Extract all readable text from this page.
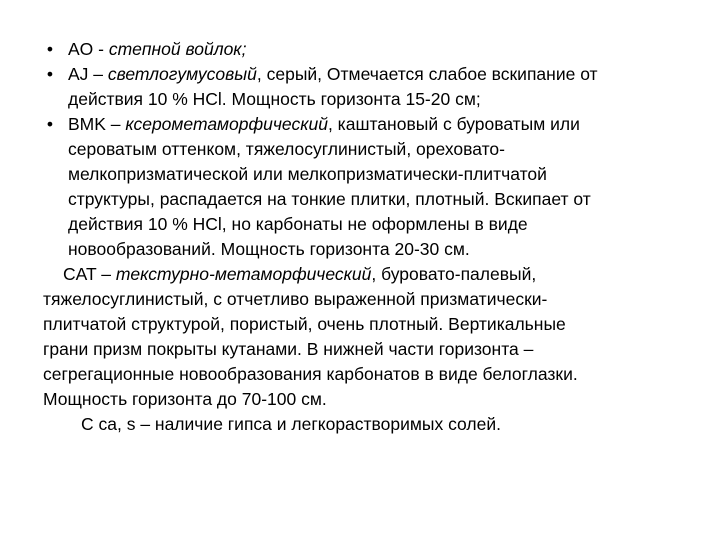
• AO - степной войлок;
• AJ – светлогумусовый, серый, Отмечается слабое вскипание от
действия 10 % HCl. Мощность горизонта 15-20 см;
• BMK – ксерометаморфический, каштановый с буроватым или
сероватым оттенком, тяжелосуглинистый, ореховато-
мелкопризматической или мелкопризматически-плитчатой
структуры, распадается на тонкие плитки, плотный. Вскипает от
действия 10 % HCl, но карбонаты не оформлены в виде
новообразований. Мощность горизонта 20-30 см.
CAT – текстурно-метаморфический, буровато-палевый,
тяжелосуглинистый, с отчетливо выраженной призматически-
плитчатой структурой, пористый, очень плотный. Вертикальные
грани призм покрыты кутанами. В нижней части горизонта –
сегрегационные новообразования карбонатов в виде белоглазки.
Мощность горизонта до 70-100 см.
C ca, s – наличие гипса и легкорастворимых солей.
